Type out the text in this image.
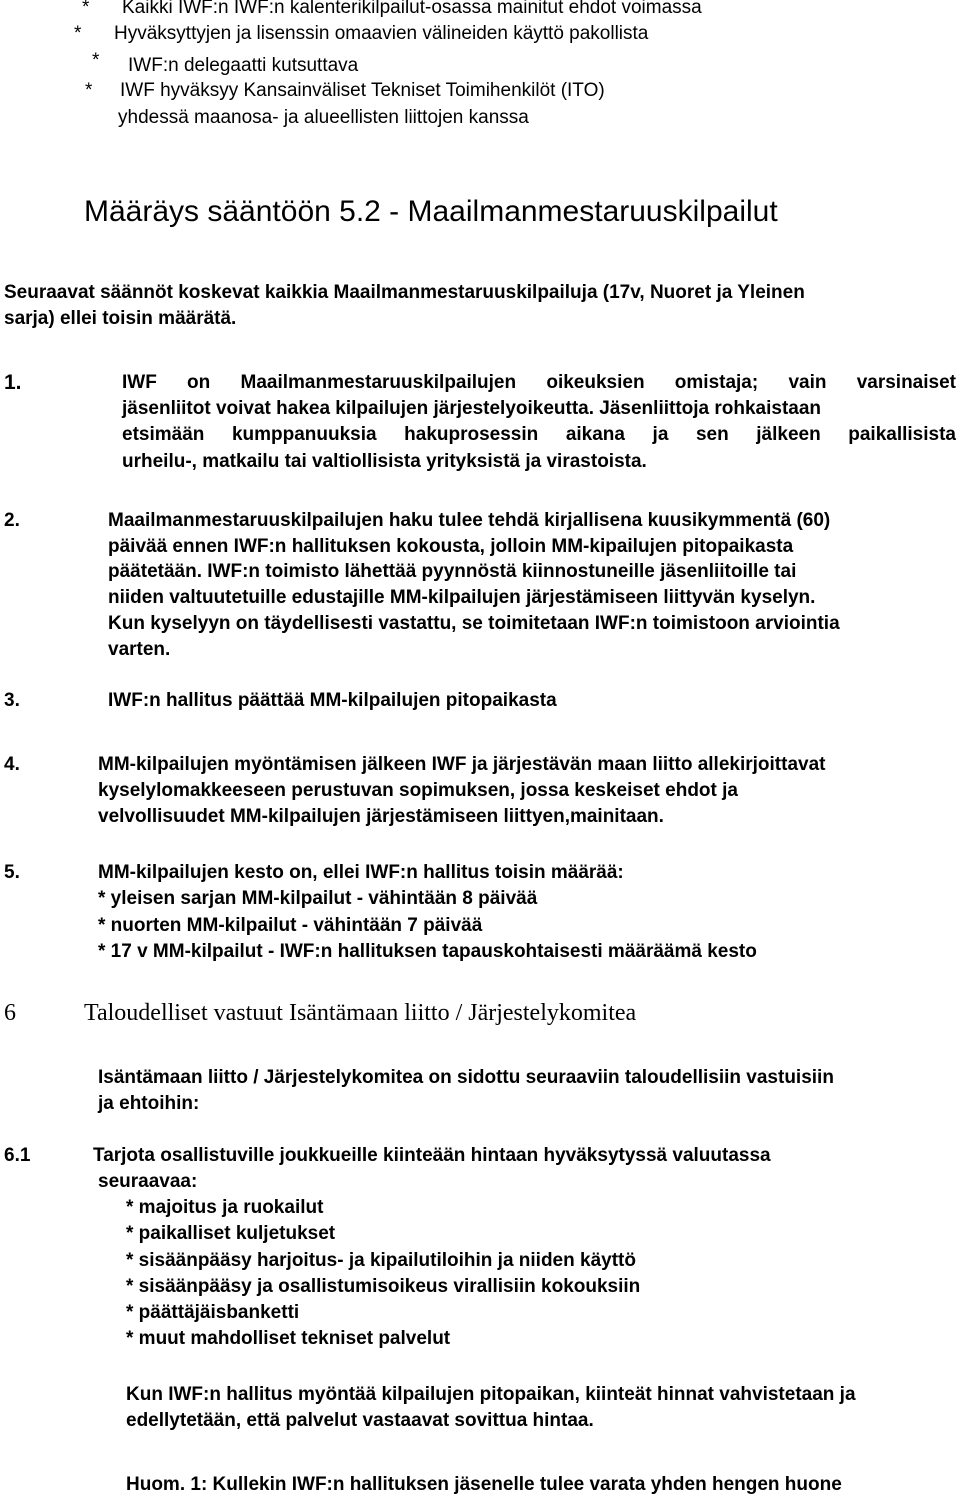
* Kaikki IWF:n IWF:n kalenterikilpailut-osassa mainitut ehdot voimassa
* Hyväksyttyjen ja lisenssin omaavien välineiden käyttö pakollista
* IWF:n delegaatti kutsuttava
* IWF hyväksyy Kansainväliset Tekniset Toimihenkilöt (ITO)
yhdessä maanosa- ja alueellisten liittojen kanssa
Määräys sääntöön 5.2 - Maailmanmestaruuskilpailut
Seuraavat säännöt koskevat kaikkia Maailmanmestaruuskilpailuja (17v, Nuoret ja Yleinen
sarja) ellei toisin määrätä.
1.	IWF on Maailmanmestaruuskilpailujen oikeuksien omistaja; vain varsinaiset
jäsenliitot voivat hakea kilpailujen järjestelyoikeutta. Jäsenliittoja rohkaistaan
etsimään kumppanuuksia hakuprosessin aikana ja sen jälkeen paikallisista
urheilu-, matkailu tai valtiollisista yrityksistä ja virastoista.
2.	Maailmanmestaruuskilpailujen haku tulee tehdä kirjallisena kuusikymmentä (60)
päivää ennen IWF:n hallituksen kokousta, jolloin MM-kipailujen pitopaikasta
päätetään. IWF:n toimisto lähettää pyynnöstä kiinnostuneille jäsenliitoille tai
niiden valtuutetuille edustajille MM-kilpailujen järjestämiseen liittyvän kyselyn.
Kun kyselyyn on täydellisesti vastattu, se toimitetaan IWF:n toimistoon arviointia
varten.
3.	IWF:n hallitus päättää MM-kilpailujen pitopaikasta
4.	MM-kilpailujen myöntämisen jälkeen IWF ja järjestävän maan liitto allekirjoittavat
kyselylomakkeeseen perustuvan sopimuksen, jossa keskeiset ehdot ja
velvollisuudet MM-kilpailujen järjestämiseen liittyen,mainitaan.
5.	MM-kilpailujen kesto on, ellei IWF:n hallitus toisin määrää:
* yleisen sarjan MM-kilpailut - vähintään 8 päivää
* nuorten MM-kilpailut - vähintään 7 päivää
* 17 v MM-kilpailut - IWF:n hallituksen tapauskohtaisesti määräämä kesto
6	Taloudelliset vastuut Isäntämaan liitto / Järjestelykomitea
Isäntämaan liitto / Järjestelykomitea on sidottu seuraaviin taloudellisiin vastuisiin
ja ehtoihin:
6.1	Tarjota osallistuville joukkueille kiinteään hintaan hyväksytyssä valuutassa
seuraavaa:
* majoitus ja ruokailut
* paikalliset kuljetukset
* sisäänpääsy harjoitus- ja kipailutiloihin ja niiden käyttö
* sisäänpääsy ja osallistumisoikeus virallisiin kokouksiin
* päättäjäisbanketti
* muut mahdolliset tekniset palvelut
Kun IWF:n hallitus myöntää kilpailujen pitopaikan, kiinteät hinnat vahvistetaan ja
edellytetään, että palvelut vastaavat sovittua hintaa.
Huom. 1: Kullekin IWF:n hallituksen jäsenelle tulee varata yhden hengen huone
